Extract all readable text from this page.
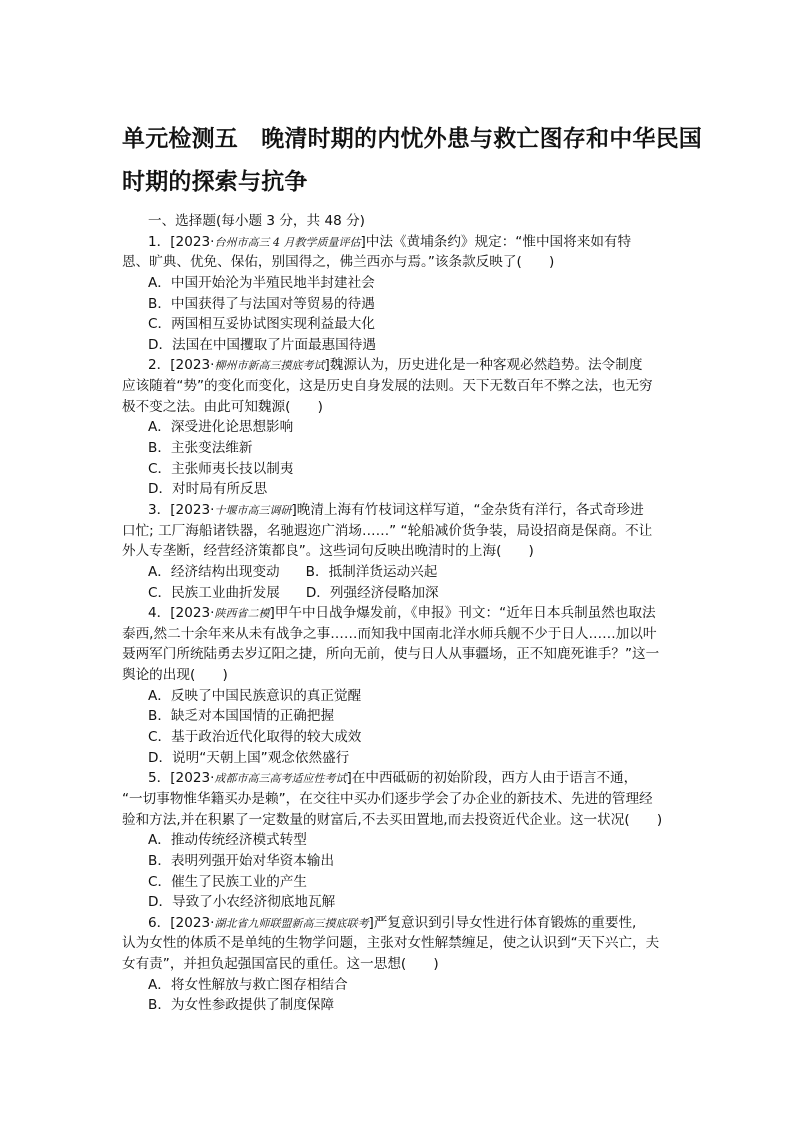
单元检测五　晚清时期的内忧外患与救亡图存和中华民国
时期的探索与抗争
一、选择题(每小题 3 分，共 48 分)
1．[2023·台州市高三 4 月教学质量评估]中法《黄埔条约》规定：“惟中国将来如有特
恩、旷典、优免、保佑，别国得之，佛兰西亦与焉。”该条款反映了(　　)
A．中国开始沦为半殖民地半封建社会
B．中国获得了与法国对等贸易的待遇
C．两国相互妥协试图实现利益最大化
D．法国在中国攫取了片面最惠国待遇
2．[2023·柳州市新高三摸底考试]魏源认为，历史进化是一种客观必然趋势。法令制度
应该随着“势”的变化而变化，这是历史自身发展的法则。天下无数百年不弊之法，也无穷
极不变之法。由此可知魏源(　　)
A．深受进化论思想影响
B．主张变法维新
C．主张师夷长技以制夷
D．对时局有所反思
3．[2023·十堰市高三调研]晚清上海有竹枝词这样写道，“金杂货有洋行，各式奇珍进
口忙; 工厂海船诸铁器，名驰遐迩广消场……” “轮船减价货争装，局设招商是保商。不让
外人专垄断，经营经济策都良”。这些词句反映出晚清时的上海(　　)
A．经济结构出现变动 B．抵制洋货运动兴起
C．民族工业曲折发展 D．列强经济侵略加深
4．[2023·陕西省二模]甲午中日战争爆发前，《申报》刊文：“近年日本兵制虽然也取法
泰西,然二十余年来从未有战争之事……而知我中国南北洋水师兵舰不少于日人……加以叶
聂两军门所统陆勇去岁辽阳之捷，所向无前，使与日人从事疆场，正不知鹿死谁手？”这一
舆论的出现(　　)
A．反映了中国民族意识的真正觉醒
B．缺乏对本国国情的正确把握
C．基于政治近代化取得的较大成效
D．说明“天朝上国”观念依然盛行
5．[2023·成都市高三高考适应性考试]在中西砥砺的初始阶段，西方人由于语言不通，
“一切事物惟华籍买办是赖”，在交往中买办们逐步学会了办企业的新技术、先进的管理经
验和方法,并在积累了一定数量的财富后,不去买田置地,而去投资近代企业。这一状况(　　)
A．推动传统经济模式转型
B．表明列强开始对华资本输出
C．催生了民族工业的产生
D．导致了小农经济彻底地瓦解
6．[2023·湖北省九师联盟新高三摸底联考]严复意识到引导女性进行体育锻炼的重要性,
认为女性的体质不是单纯的生物学问题，主张对女性解禁缠足，使之认识到“天下兴亡，夫
女有责”，并担负起强国富民的重任。这一思想(　　)
A．将女性解放与救亡图存相结合
B．为女性参政提供了制度保障
